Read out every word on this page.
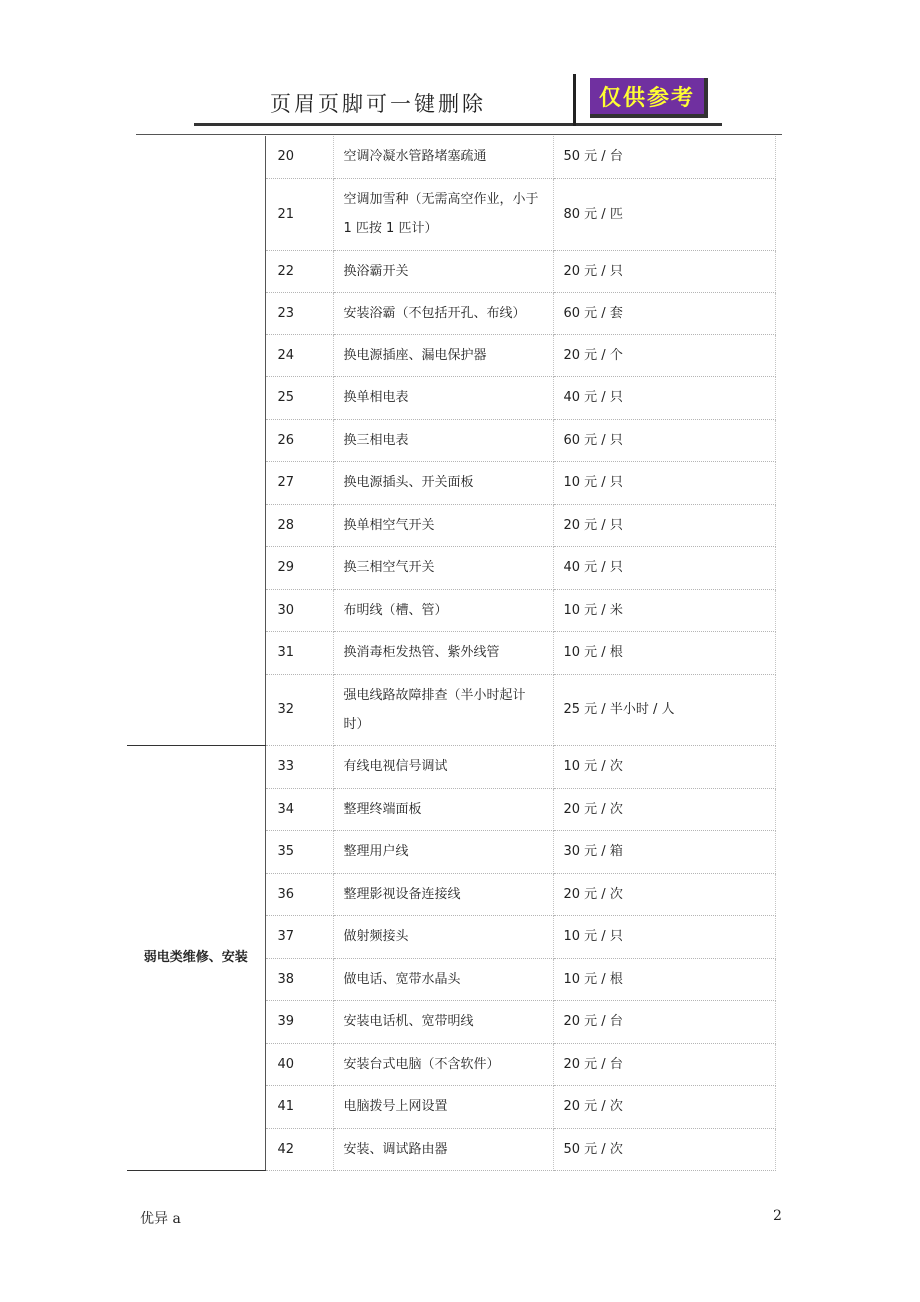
页眉页脚可一键删除	仅供参考
	20	空调冷凝水管路堵塞疏通	50 元 / 台
	21	空调加雪种（无需高空作业，小于 1 匹按 1 匹计）	80 元 / 匹
	22	换浴霸开关	20 元 / 只
	23	安装浴霸（不包括开孔、布线）	60 元 / 套
	24	换电源插座、漏电保护器	20 元 / 个
	25	换单相电表	40 元 / 只
	26	换三相电表	60 元 / 只
	27	换电源插头、开关面板	10 元 / 只
	28	换单相空气开关	20 元 / 只
	29	换三相空气开关	40 元 / 只
	30	布明线（槽、管）	10 元 / 米
	31	换消毒柜发热管、紫外线管	10 元 / 根
	32	强电线路故障排查（半小时起计时）	25 元 / 半小时 / 人
弱电类维修、安装	33	有线电视信号调试	10 元 / 次
	34	整理终端面板	20 元 / 次
	35	整理用户线	30 元 / 箱
	36	整理影视设备连接线	20 元 / 次
	37	做射频接头	10 元 / 只
	38	做电话、宽带水晶头	10 元 / 根
	39	安装电话机、宽带明线	20 元 / 台
	40	安装台式电脑（不含软件）	20 元 / 台
	41	电脑拨号上网设置	20 元 / 次
	42	安装、调试路由器	50 元 / 次
优异 a	2
